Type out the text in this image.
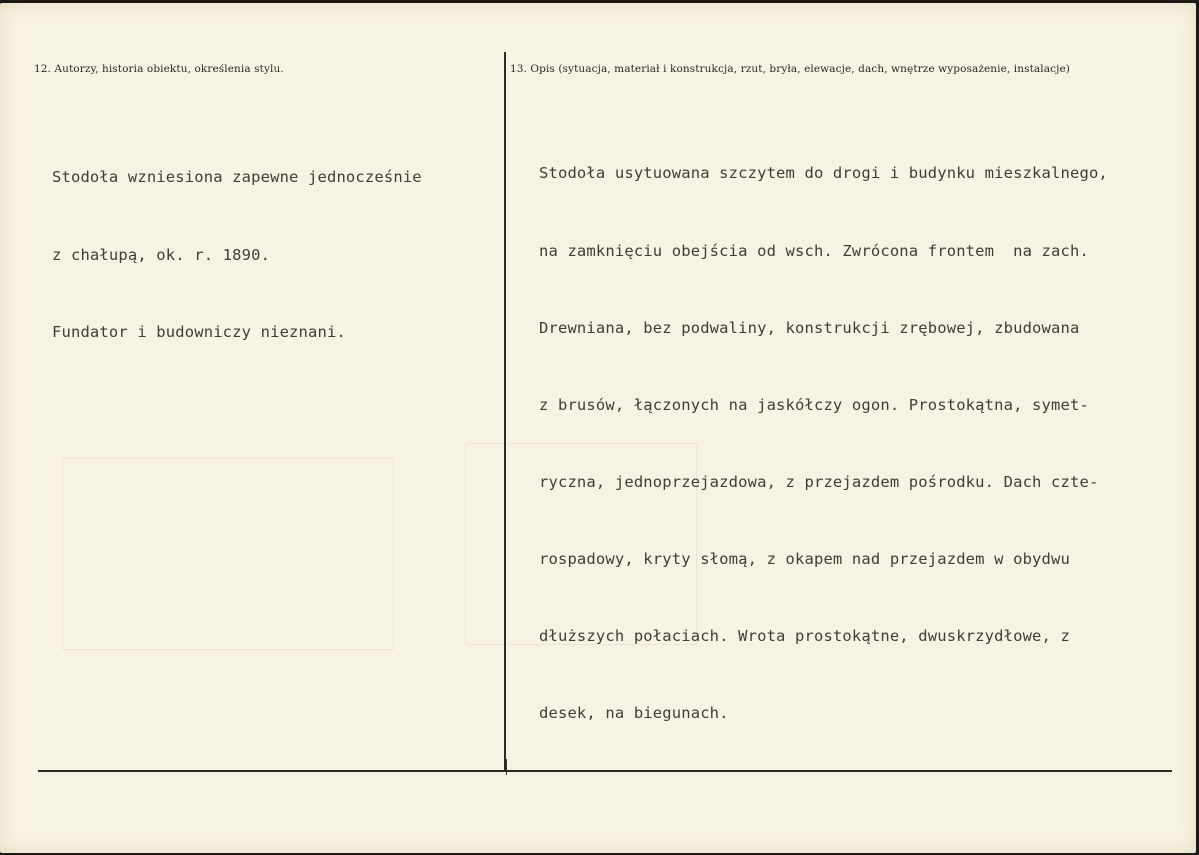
12. Autorzy, historia obiektu, określenia stylu.	13. Opis (sytuacja, materiał i konstrukcja, rzut, bryła, elewacje, dach, wnętrze wyposażenie, instalacje)

Stodoła wzniesiona zapewne jednocześnie

z chałupą, ok. r. 1890.

Fundator i budowniczy nieznani.

Stodoła usytuowana szczytem do drogi i budynku mieszkalnego,

na zamknięciu obejścia od wsch. Zwrócona frontem  na zach.

Drewniana, bez podwaliny, konstrukcji zrębowej, zbudowana

z brusów, łączonych na jaskółczy ogon. Prostokątna, symet-

ryczna, jednoprzejazdowa, z przejazdem pośrodku. Dach czte-

rospadowy, kryty słomą, z okapem nad przejazdem w obydwu

dłuższych połaciach. Wrota prostokątne, dwuskrzydłowe, z

desek, na biegunach.
